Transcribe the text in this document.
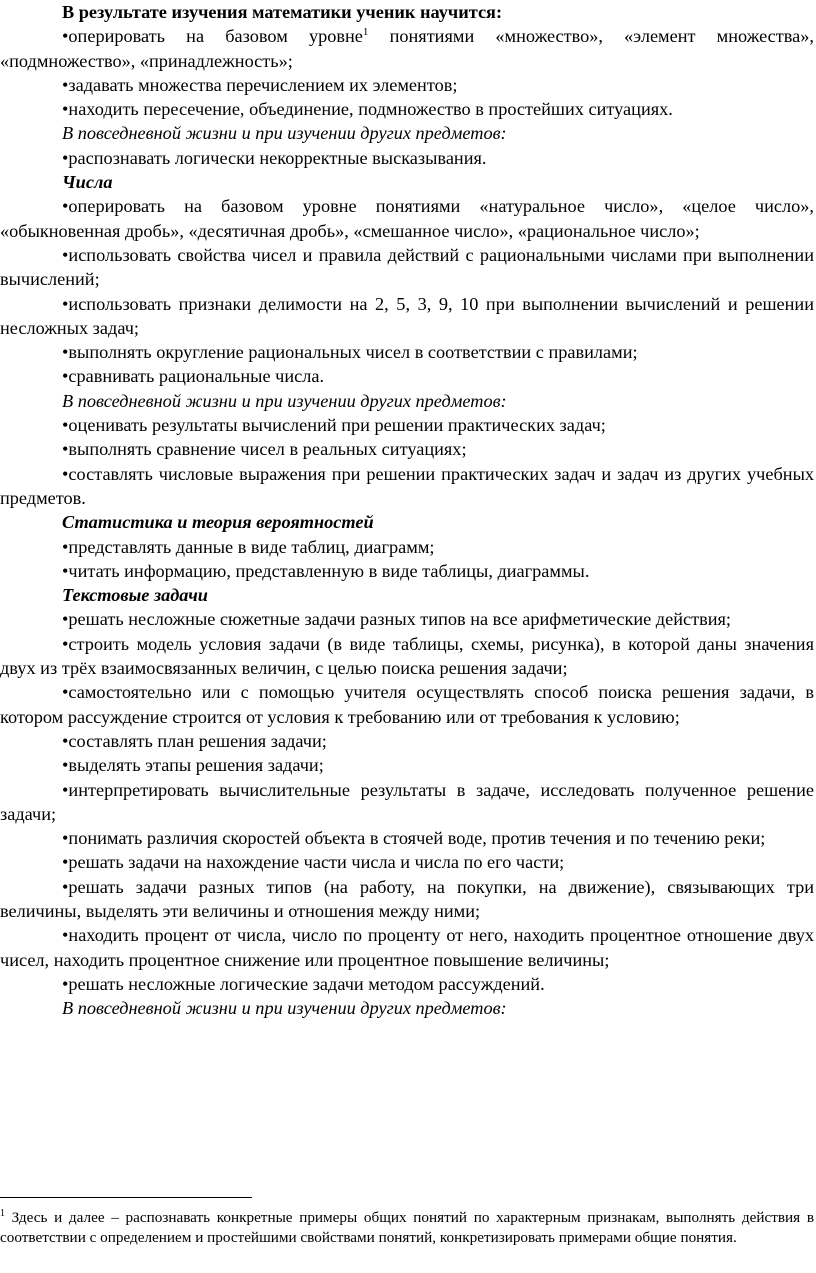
В результате изучения математики ученик научится:
•оперировать на базовом уровне$^1$ понятиями «множество», «элемент множества», «подмножество», «принадлежность»;
•задавать множества перечислением их элементов;
•находить пересечение, объединение, подмножество в простейших ситуациях.
В повседневной жизни и при изучении других предметов:
•распознавать логически некорректные высказывания.
Числа
•оперировать на базовом уровне понятиями «натуральное число», «целое число», «обыкновенная дробь», «десятичная дробь», «смешанное число», «рациональное число»;
•использовать свойства чисел и правила действий с рациональными числами при выполнении вычислений;
•использовать признаки делимости на 2, 5, 3, 9, 10 при выполнении вычислений и решении несложных задач;
•выполнять округление рациональных чисел в соответствии с правилами;
•сравнивать рациональные числа.
В повседневной жизни и при изучении других предметов:
•оценивать результаты вычислений при решении практических задач;
•выполнять сравнение чисел в реальных ситуациях;
•составлять числовые выражения при решении практических задач и задач из других учебных предметов.
Статистика и теория вероятностей
•представлять данные в виде таблиц, диаграмм;
•читать информацию, представленную в виде таблицы, диаграммы.
Текстовые задачи
•решать несложные сюжетные задачи разных типов на все арифметические действия;
•строить модель условия задачи (в виде таблицы, схемы, рисунка), в которой даны значения двух из трёх взаимосвязанных величин, с целью поиска решения задачи;
•самостоятельно или с помощью учителя осуществлять способ поиска решения задачи, в котором рассуждение строится от условия к требованию или от требования к условию;
•составлять план решения задачи;
•выделять этапы решения задачи;
•интерпретировать вычислительные результаты в задаче, исследовать полученное решение задачи;
•понимать различия скоростей объекта в стоячей воде, против течения и по течению реки;
•решать задачи на нахождение части числа и числа по его части;
•решать задачи разных типов (на работу, на покупки, на движение), связывающих три величины, выделять эти величины и отношения между ними;
•находить процент от числа, число по проценту от него, находить процентное отношение двух чисел, находить процентное снижение или процентное повышение величины;
•решать несложные логические задачи методом рассуждений.
В повседневной жизни и при изучении других предметов:
$^1$ Здесь и далее – распознавать конкретные примеры общих понятий по характерным признакам, выполнять действия в соответствии с определением и простейшими свойствами понятий, конкретизировать примерами общие понятия.
